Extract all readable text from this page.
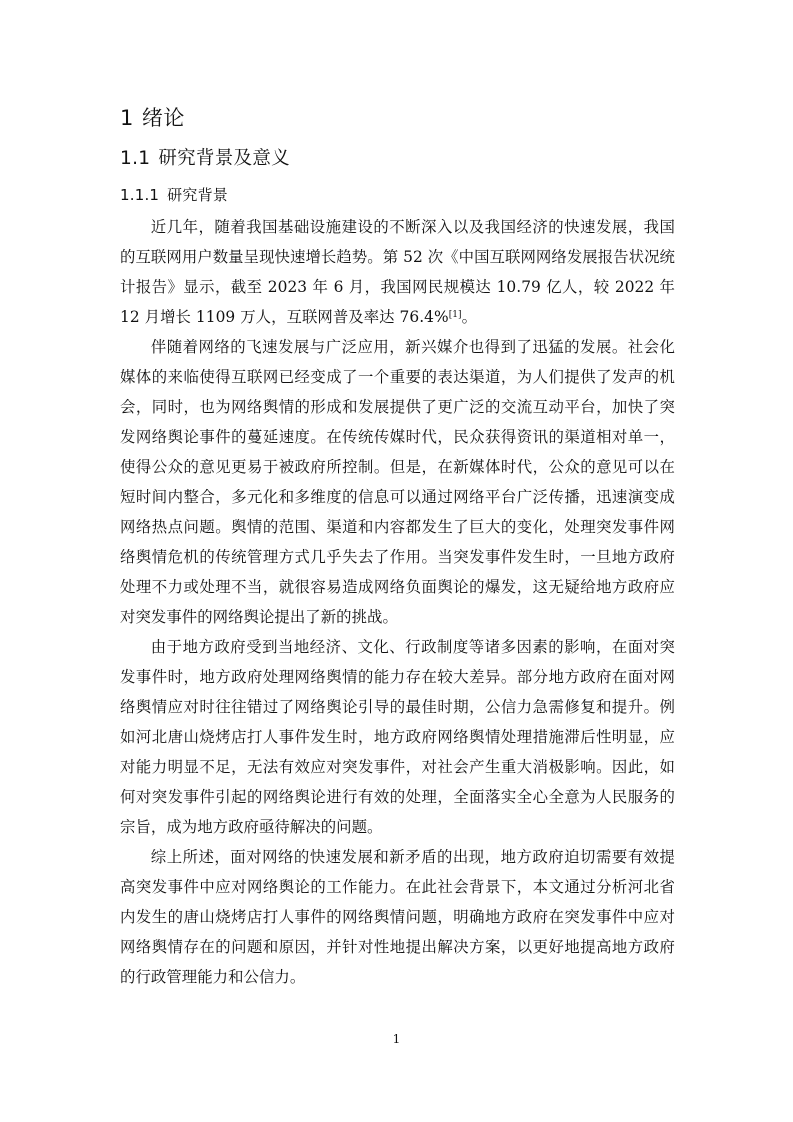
1 绪论
1.1 研究背景及意义
1.1.1 研究背景

近几年，随着我国基础设施建设的不断深入以及我国经济的快速发展，我国的互联网用户数量呈现快速增长趋势。第 52 次《中国互联网网络发展报告状况统计报告》显示，截至 2023 年 6 月，我国网民规模达 10.79 亿人，较 2022 年 12 月增长 1109 万人，互联网普及率达 76.4%[1]。

伴随着网络的飞速发展与广泛应用，新兴媒介也得到了迅猛的发展。社会化媒体的来临使得互联网已经变成了一个重要的表达渠道，为人们提供了发声的机会，同时，也为网络舆情的形成和发展提供了更广泛的交流互动平台，加快了突发网络舆论事件的蔓延速度。在传统传媒时代，民众获得资讯的渠道相对单一，使得公众的意见更易于被政府所控制。但是，在新媒体时代，公众的意见可以在短时间内整合，多元化和多维度的信息可以通过网络平台广泛传播，迅速演变成网络热点问题。舆情的范围、渠道和内容都发生了巨大的变化，处理突发事件网络舆情危机的传统管理方式几乎失去了作用。当突发事件发生时，一旦地方政府处理不力或处理不当，就很容易造成网络负面舆论的爆发，这无疑给地方政府应对突发事件的网络舆论提出了新的挑战。

由于地方政府受到当地经济、文化、行政制度等诸多因素的影响，在面对突发事件时，地方政府处理网络舆情的能力存在较大差异。部分地方政府在面对网络舆情应对时往往错过了网络舆论引导的最佳时期，公信力急需修复和提升。例如河北唐山烧烤店打人事件发生时，地方政府网络舆情处理措施滞后性明显，应对能力明显不足，无法有效应对突发事件，对社会产生重大消极影响。因此，如何对突发事件引起的网络舆论进行有效的处理，全面落实全心全意为人民服务的宗旨，成为地方政府亟待解决的问题。

综上所述，面对网络的快速发展和新矛盾的出现，地方政府迫切需要有效提高突发事件中应对网络舆论的工作能力。在此社会背景下，本文通过分析河北省内发生的唐山烧烤店打人事件的网络舆情问题，明确地方政府在突发事件中应对网络舆情存在的问题和原因，并针对性地提出解决方案，以更好地提高地方政府的行政管理能力和公信力。

1
